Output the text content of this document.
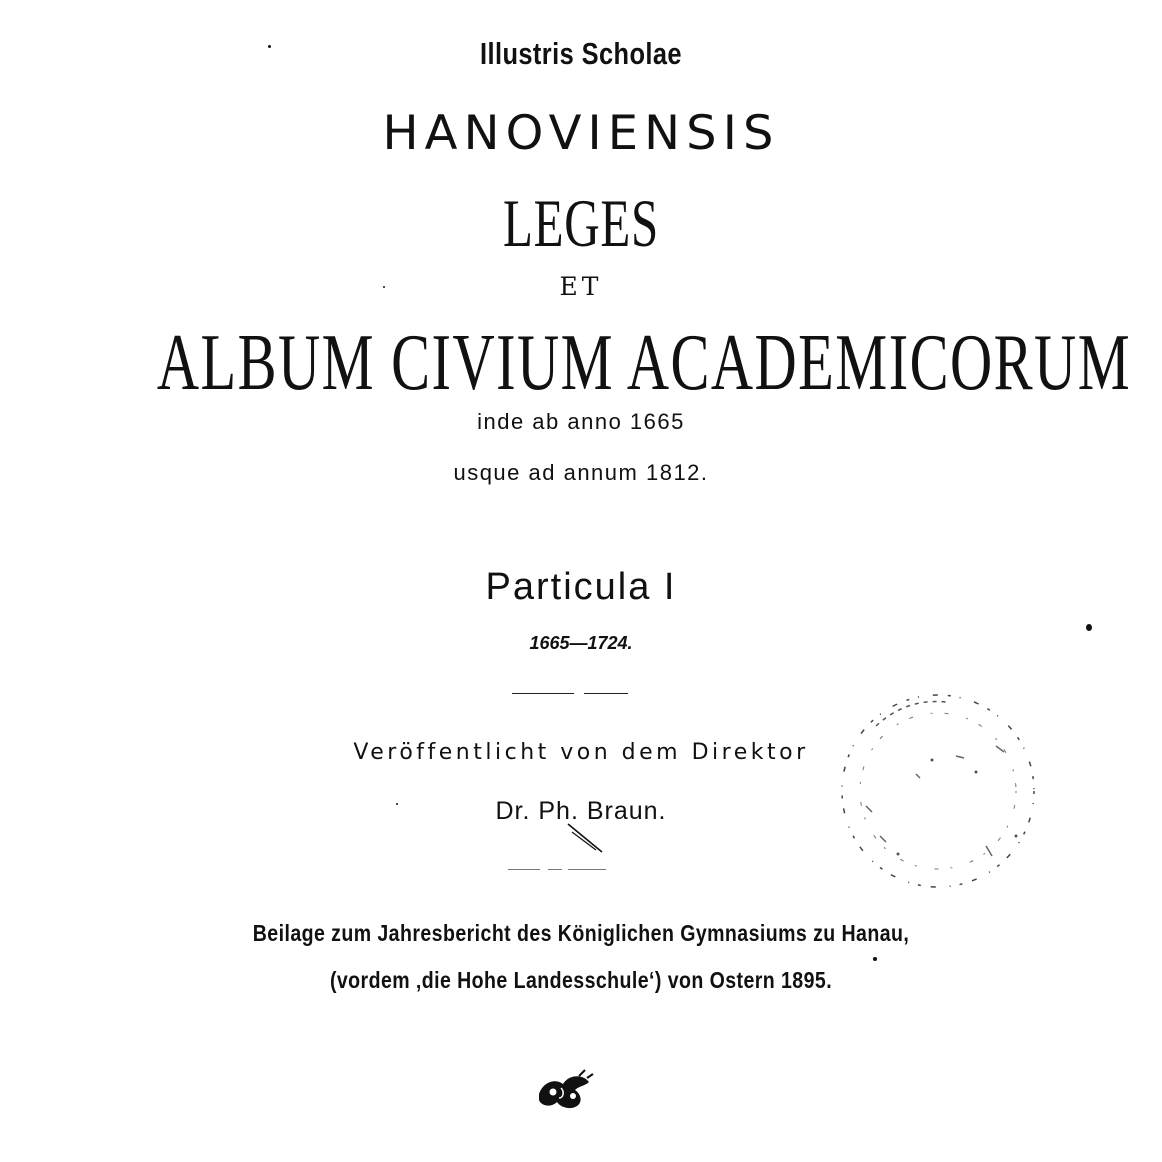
Illustris Scholae
HANOVIENSIS
LEGES
ET
ALBUM CIVIUM ACADEMICORUM
inde ab anno 1665
usque ad annum 1812.
Particula I
1665—1724.
Veröffentlicht von dem Direktor
Dr. Ph. Braun.
Beilage zum Jahresbericht des Königlichen Gymnasiums zu Hanau,
(vordem ‚die Hohe Landesschule‘) von Ostern 1895.
